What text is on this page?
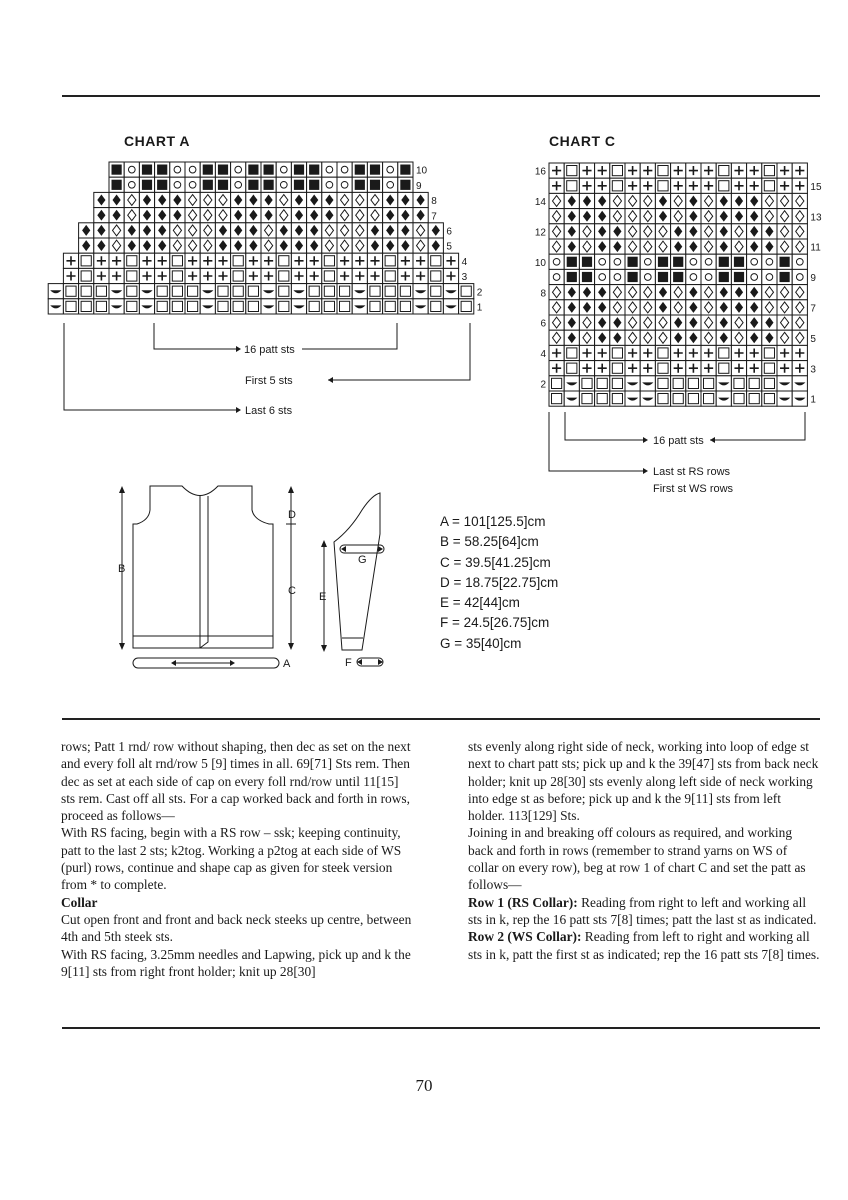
CHART A	CHART C
10
9
8
7
6
5
4
3
2
1
16
15
14
13
12
11
10
9
8
7
6
5
4
3
2
1
16 patt sts
First 5 sts
Last 6 sts
16 patt sts
Last st RS rows
First st WS rows
B
D
C
A
E
G
F
A = 101[125.5]cm
B = 58.25[64]cm
C = 39.5[41.25]cm
D = 18.75[22.75]cm
E = 42[44]cm
F = 24.5[26.75]cm
G = 35[40]cm

rows; Patt 1 rnd/ row without shaping, then dec as set on the next and every foll alt rnd/row 5 [9] times in all. 69[71] Sts rem. Then dec as set at each side of cap on every foll rnd/row until 11[15] sts rem. Cast off all sts. For a cap worked back and forth in rows, proceed as follows—

With RS facing, begin with a RS row – ssk; keeping continuity, patt to the last 2 sts; k2tog. Working a p2tog at each side of WS (purl) rows, continue and shape cap as given for steek version from * to complete.

Collar

Cut open front and front and back neck steeks up centre, between 4th and 5th steek sts.

With RS facing, 3.25mm needles and Lapwing, pick up and k the 9[11] sts from right front holder; knit up 28[30]

sts evenly along right side of neck, working into loop of edge st next to chart patt sts; pick up and k the 39[47] sts from back neck holder; knit up 28[30] sts evenly along left side of neck working into edge st as before; pick up and k the 9[11] sts from left holder. 113[129] Sts.

Joining in and breaking off colours as required, and working back and forth in rows (remember to strand yarns on WS of collar on every row), beg at row 1 of chart C and set the patt as follows—

Row 1 (RS Collar): Reading from right to left and working all sts in k, rep the 16 patt sts 7[8] times; patt the last st as indicated.

Row 2 (WS Collar): Reading from left to right and working all sts in k, patt the first st as indicated; rep the 16 patt sts 7[8] times.

70
